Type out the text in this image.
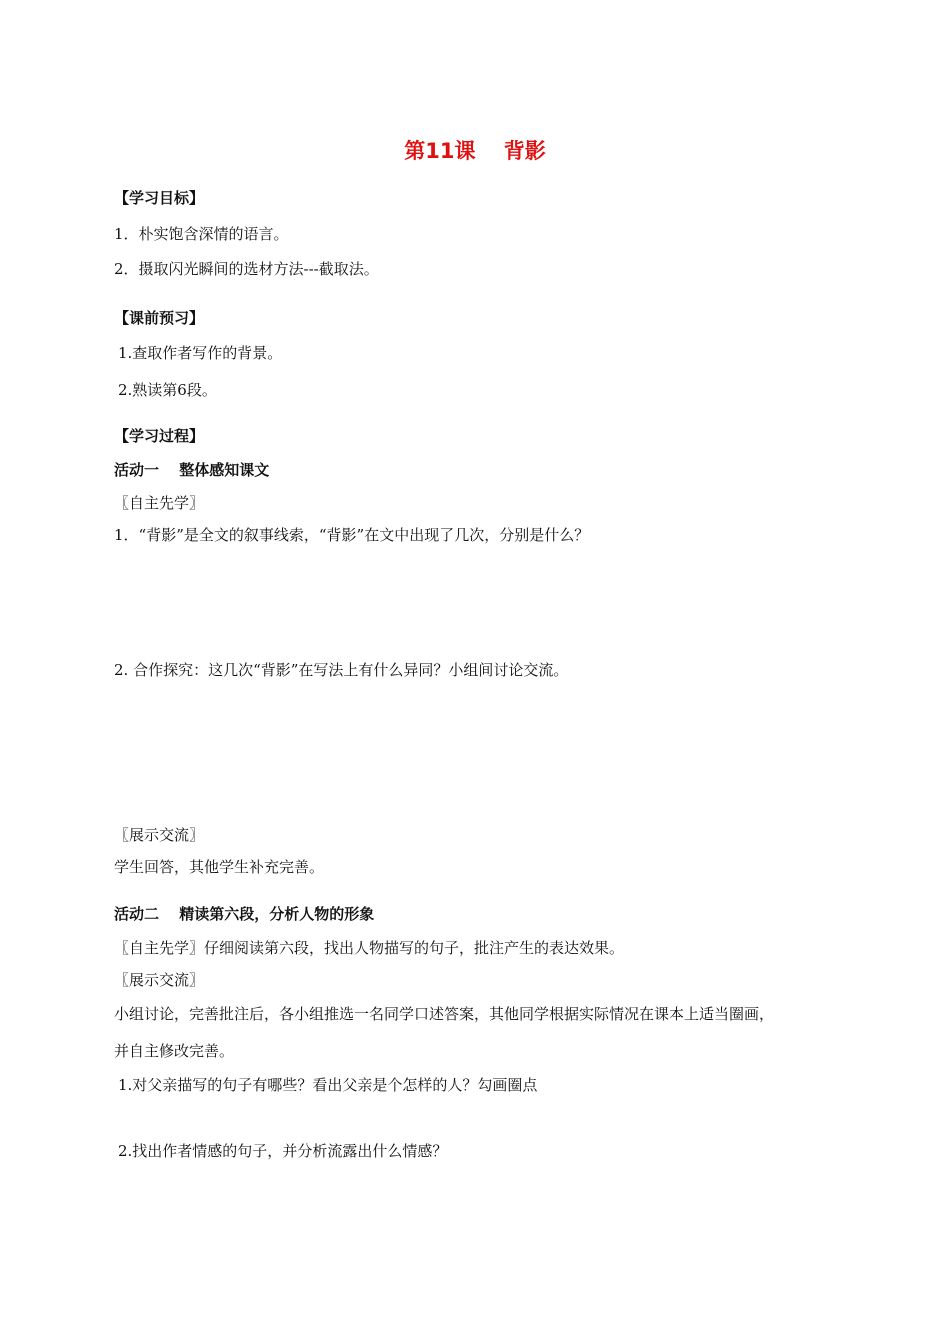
第11课　 背影
【学习目标】
1．朴实饱含深情的语言。
2．摄取闪光瞬间的选材方法---截取法。
【课前预习】
1.查取作者写作的背景。
2.熟读第6段。
【学习过程】
活动一　 整体感知课文
〖自主先学〗
1．“背影”是全文的叙事线索，“背影”在文中出现了几次，分别是什么？
2. 合作探究：这几次“背影”在写法上有什么异同？小组间讨论交流。
〖展示交流〗
学生回答，其他学生补充完善。
活动二　 精读第六段，分析人物的形象
〖自主先学〗仔细阅读第六段，找出人物描写的句子，批注产生的表达效果。
〖展示交流〗
小组讨论，完善批注后，各小组推选一名同学口述答案，其他同学根据实际情况在课本上适当圈画，
并自主修改完善。
1.对父亲描写的句子有哪些？看出父亲是个怎样的人？勾画圈点
2.找出作者情感的句子，并分析流露出什么情感？
